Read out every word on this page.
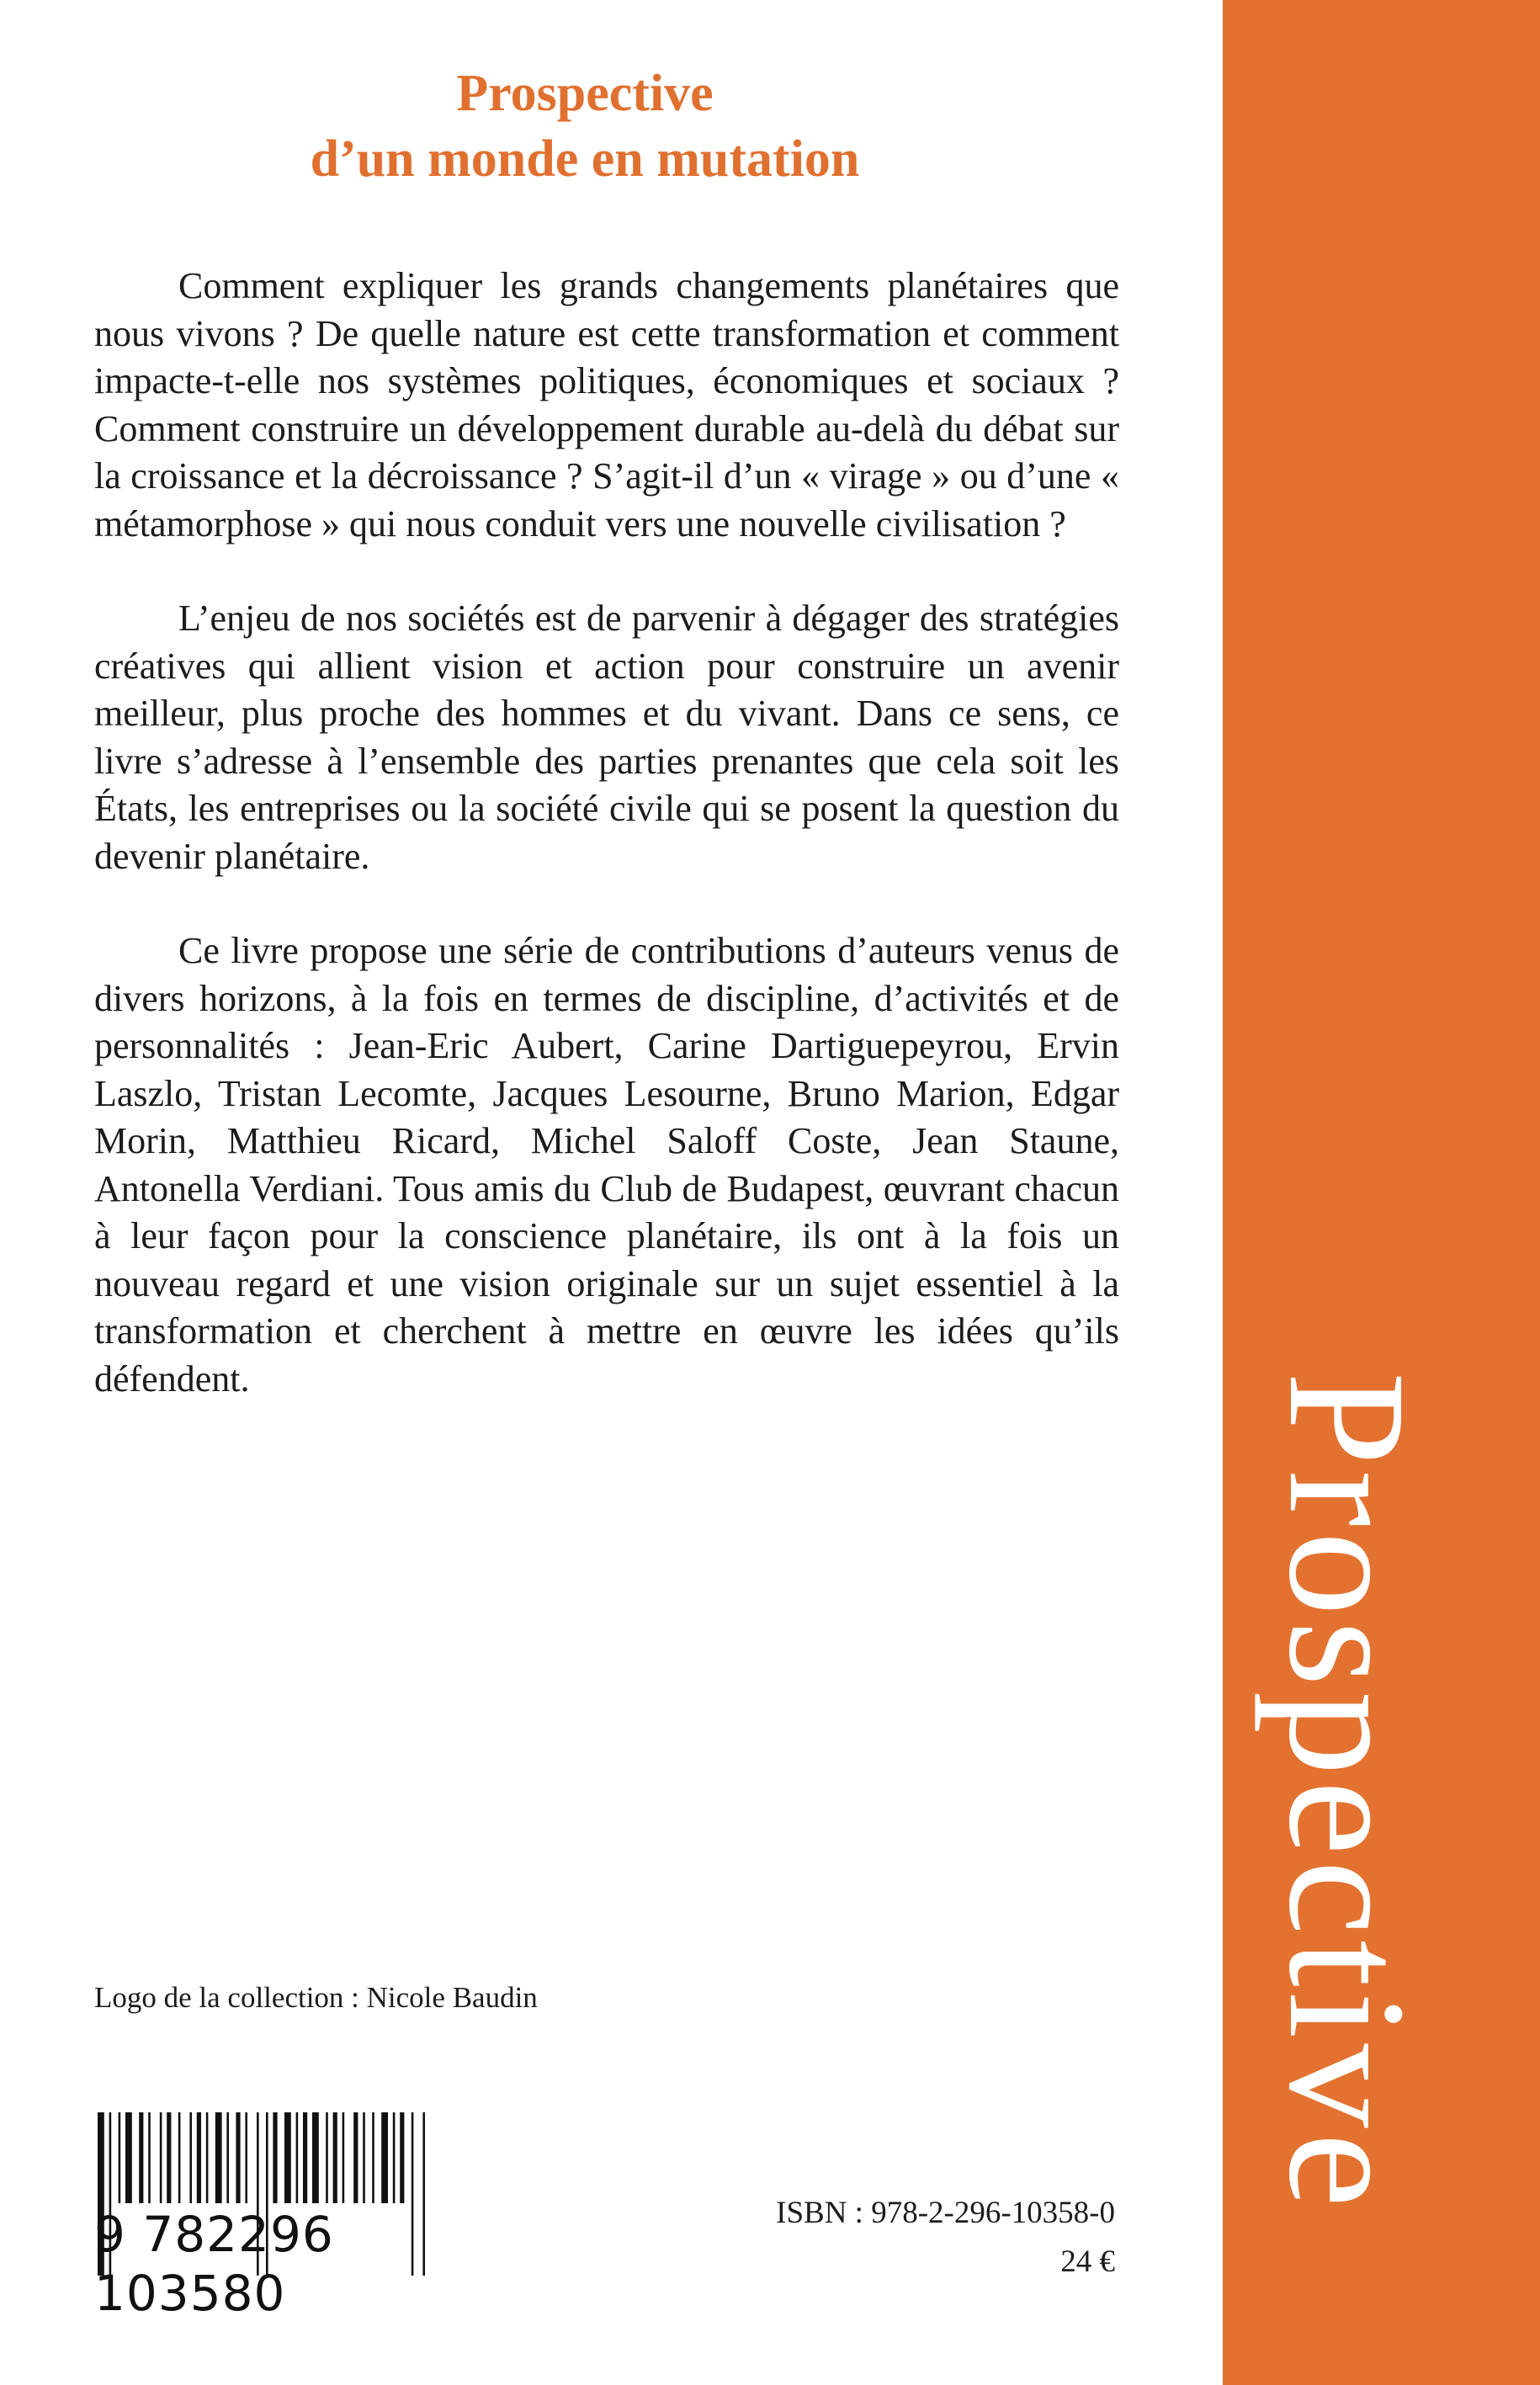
Prospective
d’un monde en mutation

Comment expliquer les grands changements planétaires que nous vivons ? De quelle nature est cette transformation et comment impacte-t-elle nos systèmes politiques, économiques et sociaux ? Comment construire un développement durable au-delà du débat sur la croissance et la décroissance ? S’agit-il d’un « virage » ou d’une « métamorphose » qui nous conduit vers une nouvelle civilisation ?

L’enjeu de nos sociétés est de parvenir à dégager des stratégies créatives qui allient vision et action pour construire un avenir meilleur, plus proche des hommes et du vivant. Dans ce sens, ce livre s’adresse à l’ensemble des parties prenantes que cela soit les États, les entreprises ou la société civile qui se posent la question du devenir planétaire.

Ce livre propose une série de contributions d’auteurs venus de divers horizons, à la fois en termes de discipline, d’activités et de personnalités : Jean-Eric Aubert, Carine Dartiguepeyrou, Ervin Laszlo, Tristan Lecomte, Jacques Lesourne, Bruno Marion, Edgar Morin, Matthieu Ricard, Michel Saloff Coste, Jean Staune, Antonella Verdiani. Tous amis du Club de Budapest, œuvrant chacun à leur façon pour la conscience planétaire, ils ont à la fois un nouveau regard et une vision originale sur un sujet essentiel à la transformation et cherchent à mettre en œuvre les idées qu’ils défendent.

Logo de la collection : Nicole Baudin
9 782296 103580
ISBN : 978-2-296-10358-0
24 €
Prospective
